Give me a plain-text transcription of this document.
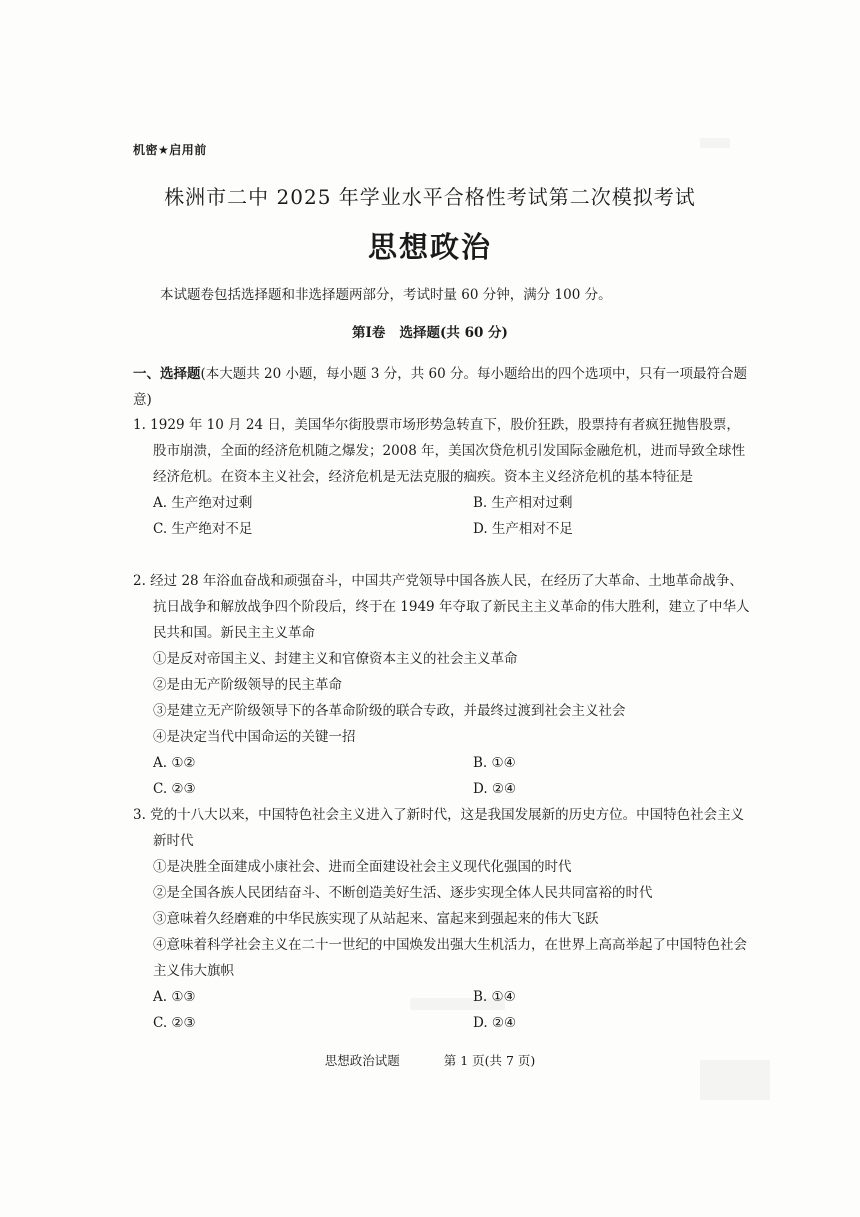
机密★启用前
株洲市二中 2025 年学业水平合格性考试第二次模拟考试
思想政治
本试题卷包括选择题和非选择题两部分，考试时量 60 分钟，满分 100 分。
第Ⅰ卷 选择题(共 60 分)
一、选择题(本大题共 20 小题，每小题 3 分，共 60 分。每小题给出的四个选项中，只有一项最符合题意)

1. 1929 年 10 月 24 日，美国华尔街股票市场形势急转直下，股价狂跌，股票持有者疯狂抛售股票，股市崩溃，全面的经济危机随之爆发；2008 年，美国次贷危机引发国际金融危机，进而导致全球性经济危机。在资本主义社会，经济危机是无法克服的痼疾。资本主义经济危机的基本特征是

A. 生产绝对过剩	B. 生产相对过剩
C. 生产绝对不足	D. 生产相对不足

2. 经过 28 年浴血奋战和顽强奋斗，中国共产党领导中国各族人民，在经历了大革命、土地革命战争、抗日战争和解放战争四个阶段后，终于在 1949 年夺取了新民主主义革命的伟大胜利，建立了中华人民共和国。新民主主义革命

①是反对帝国主义、封建主义和官僚资本主义的社会主义革命

②是由无产阶级领导的民主革命

③是建立无产阶级领导下的各革命阶级的联合专政，并最终过渡到社会主义社会

④是决定当代中国命运的关键一招

A. ①②	B. ①④
C. ②③	D. ②④

3. 党的十八大以来，中国特色社会主义进入了新时代，这是我国发展新的历史方位。中国特色社会主义新时代

①是决胜全面建成小康社会、进而全面建设社会主义现代化强国的时代

②是全国各族人民团结奋斗、不断创造美好生活、逐步实现全体人民共同富裕的时代

③意味着久经磨难的中华民族实现了从站起来、富起来到强起来的伟大飞跃

④意味着科学社会主义在二十一世纪的中国焕发出强大生机活力，在世界上高高举起了中国特色社会主义伟大旗帜

A. ①③	B. ①④
C. ②③	D. ②④
思想政治试题	第 1 页(共 7 页)
